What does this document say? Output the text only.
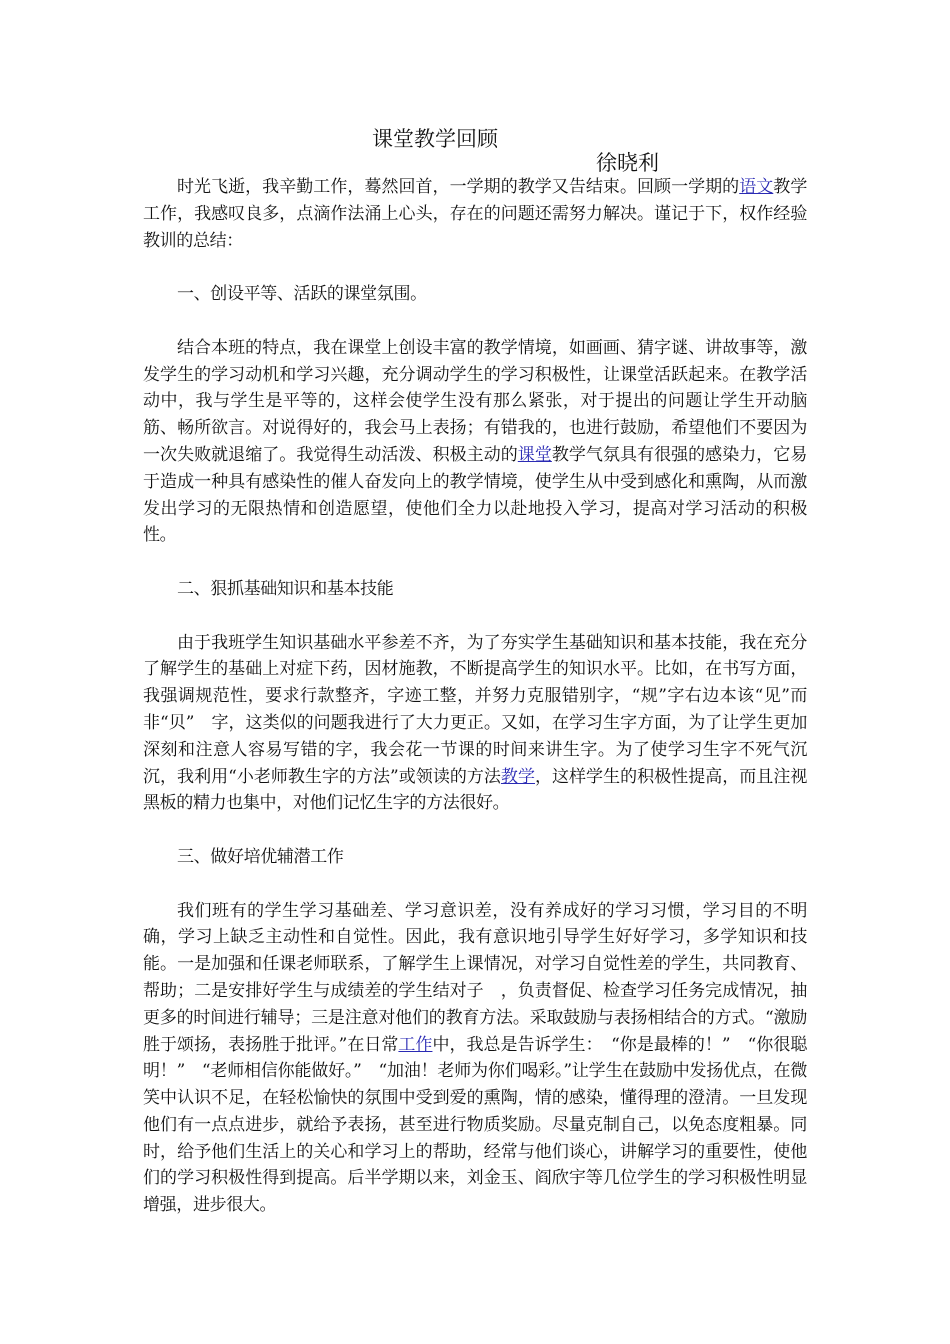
课堂教学回顾
徐晓利

时光飞逝，我辛勤工作，蓦然回首，一学期的教学又告结束。回顾一学期的语文教学工作，我感叹良多，点滴作法涌上心头，存在的问题还需努力解决。谨记于下，权作经验教训的总结：

一、创设平等、活跃的课堂氛围。

结合本班的特点，我在课堂上创设丰富的教学情境，如画画、猜字谜、讲故事等，激发学生的学习动机和学习兴趣，充分调动学生的学习积极性，让课堂活跃起来。在教学活动中，我与学生是平等的，这样会使学生没有那么紧张，对于提出的问题让学生开动脑筋、畅所欲言。对说得好的，我会马上表扬；有错我的，也进行鼓励，希望他们不要因为一次失败就退缩了。我觉得生动活泼、积极主动的课堂教学气氛具有很强的感染力，它易于造成一种具有感染性的催人奋发向上的教学情境，使学生从中受到感化和熏陶，从而激发出学习的无限热情和创造愿望，使他们全力以赴地投入学习，提高对学习活动的积极性。

二、狠抓基础知识和基本技能

由于我班学生知识基础水平参差不齐，为了夯实学生基础知识和基本技能，我在充分了解学生的基础上对症下药，因材施教，不断提高学生的知识水平。比如，在书写方面，我强调规范性，要求行款整齐，字迹工整，并努力克服错别字，“规”字右边本该“见”而非“贝”　字，这类似的问题我进行了大力更正。又如，在学习生字方面，为了让学生更加深刻和注意人容易写错的字，我会花一节课的时间来讲生字。为了使学习生字不死气沉沉，我利用“小老师教生字的方法”或领读的方法教学，这样学生的积极性提高，而且注视黑板的精力也集中，对他们记忆生字的方法很好。

三、做好培优辅潜工作

我们班有的学生学习基础差、学习意识差，没有养成好的学习习惯，学习目的不明确，学习上缺乏主动性和自觉性。因此，我有意识地引导学生好好学习，多学知识和技能。一是加强和任课老师联系，了解学生上课情况，对学习自觉性差的学生，共同教育、帮助；二是安排好学生与成绩差的学生结对子　，负责督促、检查学习任务完成情况，抽更多的时间进行辅导；三是注意对他们的教育方法。采取鼓励与表扬相结合的方式。“激励胜于颂扬，表扬胜于批评。”在日常工作中，我总是告诉学生：　“你是最棒的！”　“你很聪明！”　“老师相信你能做好。”　“加油！老师为你们喝彩。”让学生在鼓励中发扬优点，在微笑中认识不足，在轻松愉快的氛围中受到爱的熏陶，情的感染，懂得理的澄清。一旦发现他们有一点点进步，就给予表扬，甚至进行物质奖励。尽量克制自己，以免态度粗暴。同时，给予他们生活上的关心和学习上的帮助，经常与他们谈心，讲解学习的重要性，使他们的学习积极性得到提高。后半学期以来，刘金玉、阎欣宇等几位学生的学习积极性明显增强，进步很大。
